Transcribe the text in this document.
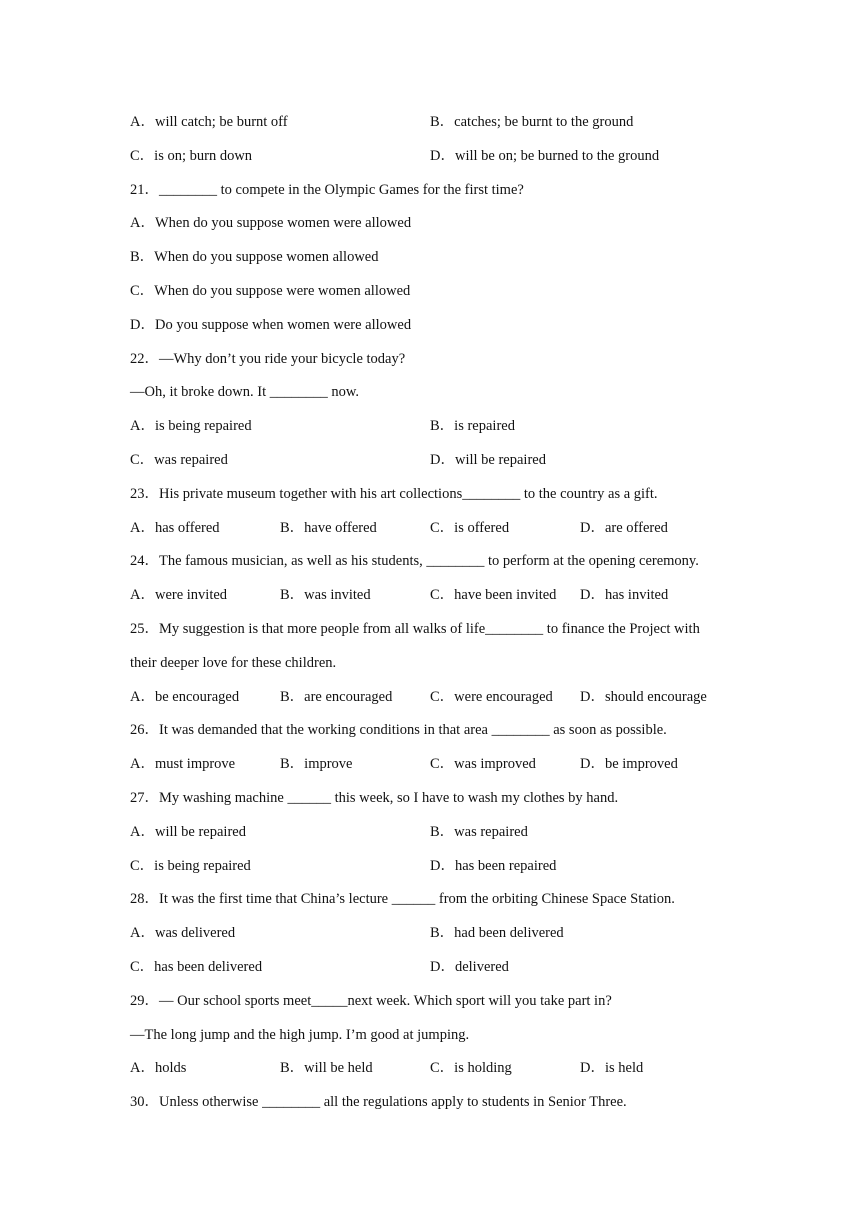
A．will catch; be burnt off	B．catches; be burnt to the ground
C．is on; burn down	D．will be on; be burned to the ground
21．________ to compete in the Olympic Games for the first time?
A．When do you suppose women were allowed
B．When do you suppose women allowed
C．When do you suppose were women allowed
D．Do you suppose when women were allowed
22．—Why don’t you ride your bicycle today?
—Oh, it broke down. It ________ now.
A．is being repaired	B．is repaired
C．was repaired	D．will be repaired
23．His private museum together with his art collections________ to the country as a gift.
A．has offered	B．have offered	C．is offered	D．are offered
24．The famous musician, as well as his students, ________ to perform at the opening ceremony.
A．were invited	B．was invited	C．have been invited D．has invited
25．My suggestion is that more people from all walks of life________ to finance the Project with
their deeper love for these children.
A．be encouraged	B．are encouraged	C．were encouraged D．should encourage
26．It was demanded that the working conditions in that area ________ as soon as possible.
A．must improve	B．improve	C．was improved	D．be improved
27．My washing machine ______ this week, so I have to wash my clothes by hand.
A．will be repaired	B．was repaired
C．is being repaired	D．has been repaired
28．It was the first time that China’s lecture ______ from the orbiting Chinese Space Station.
A．was delivered	B．had been delivered
C．has been delivered	D．delivered
29．— Our school sports meet_____next week. Which sport will you take part in?
—The long jump and the high jump. I’m good at jumping.
A．holds	B．will be held	C．is holding	D．is held
30．Unless otherwise ________ all the regulations apply to students in Senior Three.
